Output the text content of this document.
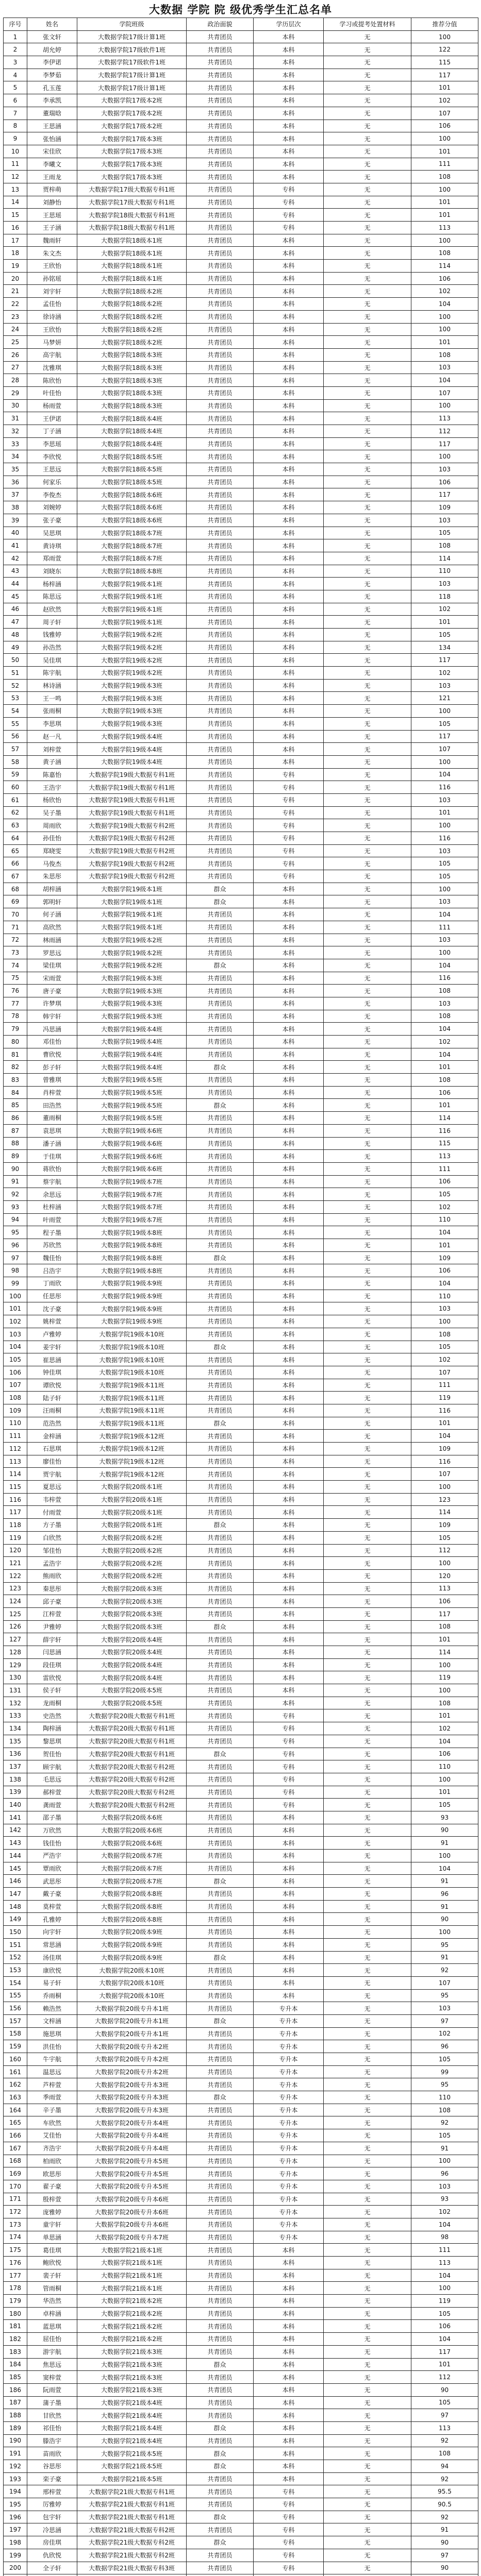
大数据 学院 院 级优秀学生汇总名单
序号	姓名	学院班级	政治面貌	学历层次	学习或提考处置材料	推荐分值
1	张文轩	大数据学院17级计算1班	共青团员	本科	无	100
2	胡允婷	大数据学院17级软件1班	共青团员	本科	无	122
3	李伊诺	大数据学院17级软件1班	共青团员	本科	无	115
4	李梦茹	大数据学院17级计算1班	共青团员	本科	无	117
5	孔玉莲	大数据学院17级计算1班	共青团员	本科	无	101
6	李承凯	大数据学院17级本2班	共青团员	本科	无	102
7	董瑞晗	大数据学院17级本2班	共青团员	本科	无	107
8	王思涵	大数据学院17级本2班	共青团员	本科	无	106
9	张怡涵	大数据学院17级本3班	共青团员	本科	无	100
10	宋佳欣	大数据学院17级本3班	共青团员	本科	无	101
11	李曦文	大数据学院17级本3班	共青团员	本科	无	111
12	王雨龙	大数据学院17级本3班	共青团员	本科	无	108
13	贾梓萌	大数据学院17级大数据专科1班	共青团员	专科	无	100
14	刘静怡	大数据学院17级大数据专科1班	共青团员	专科	无	101
15	王思瑶	大数据学院18级大数据专科1班	共青团员	专科	无	101
16	王子涵	大数据学院18级大数据专科1班	共青团员	专科	无	113
17	魏雨轩	大数据学院18级本1班	共青团员	本科	无	100
18	朱文杰	大数据学院18级本1班	共青团员	本科	无	108
19	王欣怡	大数据学院18级本1班	共青团员	本科	无	114
20	孙铭瑶	大数据学院18级本1班	共青团员	本科	无	106
21	刘宇轩	大数据学院18级本2班	共青团员	本科	无	102
22	孟佳怡	大数据学院18级本2班	共青团员	本科	无	104
23	徐诗涵	大数据学院18级本2班	共青团员	本科	无	100
24	王欣怡	大数据学院18级本2班	共青团员	本科	无	100
25	马梦妍	大数据学院18级本2班	共青团员	本科	无	101
26	高宇航	大数据学院18级本3班	共青团员	本科	无	108
27	沈雅琪	大数据学院18级本3班	共青团员	本科	无	103
28	陈欣怡	大数据学院18级本3班	共青团员	本科	无	104
29	叶佳怡	大数据学院18级本3班	共青团员	本科	无	107
30	杨雨萱	大数据学院18级本3班	共青团员	本科	无	100
31	王伊诺	大数据学院18级本4班	共青团员	本科	无	113
32	丁子涵	大数据学院18级本4班	共青团员	本科	无	112
33	李思瑶	大数据学院18级本4班	共青团员	本科	无	117
34	李欣悦	大数据学院18级本5班	共青团员	本科	无	100
35	王思远	大数据学院18级本5班	共青团员	本科	无	103
36	何家乐	大数据学院18级本5班	共青团员	本科	无	106
37	李俊杰	大数据学院18级本6班	共青团员	本科	无	117
38	刘婉婷	大数据学院18级本6班	共青团员	本科	无	109
39	张子豪	大数据学院18级本6班	共青团员	本科	无	103
40	吴思琪	大数据学院18级本7班	共青团员	本科	无	105
41	黄诗琪	大数据学院18级本7班	共青团员	本科	无	108
42	郑雨萱	大数据学院18级本7班	共青团员	本科	无	114
43	刘晓东	大数据学院18级本8班	共青团员	本科	无	110
44	杨梓涵	大数据学院19级本1班	共青团员	本科	无	103
45	陈思远	大数据学院19级本1班	共青团员	本科	无	118
46	赵欣然	大数据学院19级本1班	共青团员	本科	无	102
47	周子轩	大数据学院19级本1班	共青团员	本科	无	101
48	钱雅婷	大数据学院19级本2班	共青团员	本科	无	105
49	孙浩然	大数据学院19级本2班	共青团员	本科	无	134
50	吴佳琪	大数据学院19级本2班	共青团员	本科	无	117
51	陈宇航	大数据学院19级本2班	共青团员	本科	无	102
52	林诗涵	大数据学院19级本3班	共青团员	本科	无	103
53	王一鸣	大数据学院19级本3班	共青团员	本科	无	121
54	张雨桐	大数据学院19级本3班	共青团员	本科	无	100
55	李思琪	大数据学院19级本3班	共青团员	本科	无	105
56	赵一凡	大数据学院19级本4班	共青团员	本科	无	117
57	刘梓萱	大数据学院19级本4班	共青团员	本科	无	107
58	黄子涵	大数据学院19级本4班	共青团员	本科	无	100
59	陈嘉怡	大数据学院19级大数据专科1班	共青团员	专科	无	104
60	王浩宇	大数据学院19级大数据专科1班	共青团员	专科	无	116
61	杨欣怡	大数据学院19级大数据专科1班	共青团员	专科	无	103
62	吴子墨	大数据学院19级大数据专科1班	共青团员	专科	无	101
63	周雨欣	大数据学院19级大数据专科2班	共青团员	专科	无	100
64	孙佳怡	大数据学院19级大数据专科2班	共青团员	专科	无	116
65	郑晓雯	大数据学院19级大数据专科2班	共青团员	专科	无	103
66	马俊杰	大数据学院19级大数据专科2班	共青团员	专科	无	105
67	朱思彤	大数据学院19级大数据专科2班	共青团员	专科	无	105
68	胡梓涵	大数据学院19级本1班	群众	本科	无	100
69	郭明轩	大数据学院19级本1班	群众	本科	无	103
70	何子涵	大数据学院19级本1班	共青团员	本科	无	104
71	高欣然	大数据学院19级本1班	共青团员	本科	无	111
72	林雨涵	大数据学院19级本2班	共青团员	本科	无	103
73	罗思远	大数据学院19级本2班	共青团员	本科	无	100
74	梁佳琪	大数据学院19级本2班	群众	本科	无	104
75	宋雨萱	大数据学院19级本3班	共青团员	本科	无	116
76	唐子豪	大数据学院19级本3班	共青团员	本科	无	108
77	许梦琪	大数据学院19级本3班	共青团员	本科	无	103
78	韩宇轩	大数据学院19级本3班	共青团员	本科	无	108
79	冯思涵	大数据学院19级本4班	共青团员	本科	无	104
80	邓佳怡	大数据学院19级本4班	共青团员	本科	无	102
81	曹欣悦	大数据学院19级本4班	共青团员	本科	无	104
82	彭子轩	大数据学院19级本4班	群众	本科	无	101
83	曾雅琪	大数据学院19级本5班	共青团员	本科	无	108
84	肖梓萱	大数据学院19级本5班	共青团员	本科	无	106
85	田浩然	大数据学院19级本5班	群众	本科	无	101
86	董雨桐	大数据学院19级本5班	共青团员	本科	无	114
87	袁思琪	大数据学院19级本6班	共青团员	本科	无	116
88	潘子涵	大数据学院19级本6班	共青团员	本科	无	115
89	于佳琪	大数据学院19级本6班	共青团员	本科	无	113
90	蒋欣怡	大数据学院19级本6班	共青团员	本科	无	111
91	蔡宇航	大数据学院19级本7班	共青团员	本科	无	106
92	余思远	大数据学院19级本7班	共青团员	本科	无	105
93	杜梓涵	大数据学院19级本7班	共青团员	本科	无	102
94	叶雨萱	大数据学院19级本7班	共青团员	本科	无	110
95	程子墨	大数据学院19级本8班	共青团员	本科	无	104
96	苏欣然	大数据学院19级本8班	共青团员	本科	无	101
97	魏佳怡	大数据学院19级本8班	群众	本科	无	109
98	吕浩宇	大数据学院19级本8班	共青团员	本科	无	106
99	丁雨欣	大数据学院19级本9班	共青团员	本科	无	104
100	任思彤	大数据学院19级本9班	共青团员	本科	无	110
101	沈子豪	大数据学院19级本9班	共青团员	本科	无	103
102	姚梓萱	大数据学院19级本9班	共青团员	本科	无	100
103	卢雅婷	大数据学院19级本10班	共青团员	本科	无	108
104	姜宇轩	大数据学院19级本10班	群众	本科	无	105
105	崔思涵	大数据学院19级本10班	共青团员	本科	无	102
106	钟佳琪	大数据学院19级本10班	共青团员	本科	无	107
107	谭欣悦	大数据学院19级本11班	共青团员	本科	无	111
108	陆子轩	大数据学院19级本11班	共青团员	本科	无	119
109	汪雨桐	大数据学院19级本11班	共青团员	本科	无	116
110	范浩然	大数据学院19级本11班	群众	本科	无	101
111	金梓涵	大数据学院19级本12班	共青团员	本科	无	104
112	石思琪	大数据学院19级本12班	共青团员	本科	无	109
113	廖佳怡	大数据学院19级本12班	共青团员	本科	无	116
114	贾宇航	大数据学院19级本12班	共青团员	本科	无	107
115	夏思远	大数据学院20级本1班	共青团员	本科	无	100
116	韦梓萱	大数据学院20级本1班	共青团员	本科	无	123
117	付雨萱	大数据学院20级本1班	共青团员	本科	无	114
118	方子墨	大数据学院20级本1班	群众	本科	无	109
119	白欣然	大数据学院20级本2班	共青团员	本科	无	105
120	邹佳怡	大数据学院20级本2班	共青团员	本科	无	112
121	孟浩宇	大数据学院20级本2班	共青团员	本科	无	100
122	熊雨欣	大数据学院20级本2班	共青团员	本科	无	120
123	秦思彤	大数据学院20级本3班	共青团员	本科	无	113
124	邱子豪	大数据学院20级本3班	共青团员	本科	无	106
125	江梓萱	大数据学院20级本3班	共青团员	本科	无	117
126	尹雅婷	大数据学院20级本3班	群众	本科	无	108
127	薛宇轩	大数据学院20级本4班	共青团员	本科	无	101
128	闫思涵	大数据学院20级本4班	共青团员	本科	无	114
129	段佳琪	大数据学院20级本4班	共青团员	本科	无	100
130	雷欣悦	大数据学院20级本4班	共青团员	本科	无	119
131	侯子轩	大数据学院20级本5班	共青团员	本科	无	100
132	龙雨桐	大数据学院20级本5班	共青团员	本科	无	108
133	史浩然	大数据学院20级大数据专科1班	共青团员	专科	无	101
134	陶梓涵	大数据学院20级大数据专科1班	共青团员	专科	无	102
135	黎思琪	大数据学院20级大数据专科1班	共青团员	专科	无	104
136	贺佳怡	大数据学院20级大数据专科1班	群众	专科	无	106
137	顾宇航	大数据学院20级大数据专科2班	共青团员	专科	无	110
138	毛思远	大数据学院20级大数据专科2班	共青团员	专科	无	100
139	郝梓萱	大数据学院20级大数据专科2班	共青团员	专科	无	101
140	龚雨萱	大数据学院20级大数据专科2班	共青团员	专科	无	105
141	邵子墨	大数据学院20级本6班	共青团员	本科	无	93
142	万欣然	大数据学院20级本6班	共青团员	本科	无	90
143	钱佳怡	大数据学院20级本6班	共青团员	本科	无	91
144	严浩宇	大数据学院20级本7班	共青团员	本科	无	100
145	覃雨欣	大数据学院20级本7班	共青团员	本科	无	104
146	武思彤	大数据学院20级本7班	群众	本科	无	91
147	戴子豪	大数据学院20级本8班	共青团员	本科	无	96
148	莫梓萱	大数据学院20级本8班	共青团员	本科	无	91
149	孔雅婷	大数据学院20级本8班	共青团员	本科	无	90
150	向宇轩	大数据学院20级本9班	共青团员	本科	无	100
151	常思涵	大数据学院20级本9班	共青团员	本科	无	95
152	汤佳琪	大数据学院20级本9班	群众	本科	无	91
153	康欣悦	大数据学院20级本10班	共青团员	本科	无	92
154	易子轩	大数据学院20级本10班	共青团员	本科	无	107
155	乔雨桐	大数据学院20级本10班	共青团员	本科	无	95
156	赖浩然	大数据学院20级专升本1班	共青团员	专升本	无	103
157	文梓涵	大数据学院20级专升本1班	群众	专升本	无	97
158	施思琪	大数据学院20级专升本1班	共青团员	专升本	无	102
159	洪佳怡	大数据学院20级专升本2班	共青团员	专升本	无	96
160	牛宇航	大数据学院20级专升本2班	共青团员	专升本	无	105
161	温思远	大数据学院20级专升本2班	共青团员	专升本	无	99
162	芦梓萱	大数据学院20级专升本3班	共青团员	专升本	无	95
163	季雨萱	大数据学院20级专升本3班	群众	专升本	无	110
164	辛子墨	大数据学院20级专升本3班	共青团员	专升本	无	108
165	车欣然	大数据学院20级专升本4班	共青团员	专升本	无	92
166	艾佳怡	大数据学院20级专升本4班	共青团员	专升本	无	105
167	齐浩宇	大数据学院20级专升本4班	共青团员	专升本	无	91
168	柏雨欣	大数据学院20级专升本5班	共青团员	专升本	无	100
169	欧思彤	大数据学院20级专升本5班	共青团员	专升本	无	96
170	翟子豪	大数据学院20级专升本5班	共青团员	专升本	无	103
171	殷梓萱	大数据学院20级专升本6班	共青团员	专升本	无	93
172	庞雅婷	大数据学院20级专升本6班	共青团员	专升本	无	102
173	童宇轩	大数据学院20级专升本6班	共青团员	专升本	无	104
174	单思涵	大数据学院20级专升本7班	共青团员	专升本	无	98
175	葛佳琪	大数据学院21级本1班	共青团员	本科	无	111
176	鲍欣悦	大数据学院21级本1班	共青团员	本科	无	113
177	裴子轩	大数据学院21级本1班	共青团员	本科	无	104
178	管雨桐	大数据学院21级本1班	共青团员	本科	无	100
179	华浩然	大数据学院21级本2班	共青团员	本科	无	119
180	卓梓涵	大数据学院21级本2班	共青团员	本科	无	105
181	蓝思琪	大数据学院21级本2班	共青团员	本科	无	106
182	屈佳怡	大数据学院21级本2班	共青团员	本科	无	104
183	游宇航	大数据学院21级本3班	共青团员	本科	无	117
184	焦思远	大数据学院21级本3班	群众	本科	无	101
185	窦梓萱	大数据学院21级本3班	共青团员	本科	无	112
186	阮雨萱	大数据学院21级本3班	共青团员	本科	无	90
187	蒲子墨	大数据学院21级本4班	共青团员	本科	无	105
188	甘欣然	大数据学院21级本4班	共青团员	本科	无	97
189	祁佳怡	大数据学院21级本4班	群众	本科	无	113
190	滕浩宇	大数据学院21级本4班	共青团员	本科	无	92
191	苗雨欣	大数据学院21级本5班	群众	本科	无	108
192	谷思彤	大数据学院21级本5班	群众	本科	无	94
193	栾子豪	大数据学院21级本5班	共青团员	本科	无	92
194	邢梓萱	大数据学院21级大数据专科1班	共青团员	专科	无	95.5
195	厉雅婷	大数据学院21级大数据专科1班	共青团员	专科	无	90.5
196	包宇轩	大数据学院21级大数据专科1班	群众	专科	无	92
197	冷思涵	大数据学院21级大数据专科2班	共青团员	专科	无	91
198	房佳琪	大数据学院21级大数据专科2班	群众	专科	无	90
199	仇欣悦	大数据学院21级大数据专科2班	共青团员	专科	无	97
200	全子轩	大数据学院21级大数据专科3班	共青团员	专科	无	90
